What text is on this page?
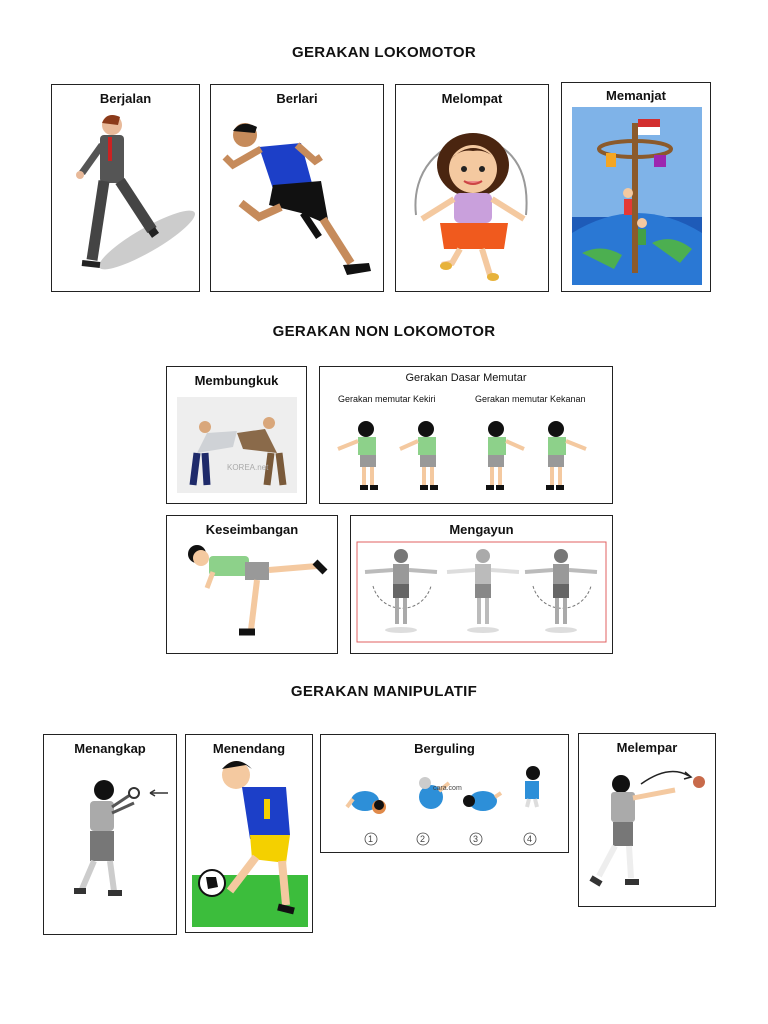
GERAKAN LOKOMOTOR
Berjalan	Berlari	Melompat	Memanjat
GERAKAN NON LOKOMOTOR
Membungkuk
KOREA.net
Gerakan Dasar Memutar
Gerakan memutar Kekiri	Gerakan memutar Kekanan
Keseimbangan	Mengayun
GERAKAN MANIPULATIF
Menangkap	Menendang	Berguling
cara.com
1	2	3	4
Melempar
